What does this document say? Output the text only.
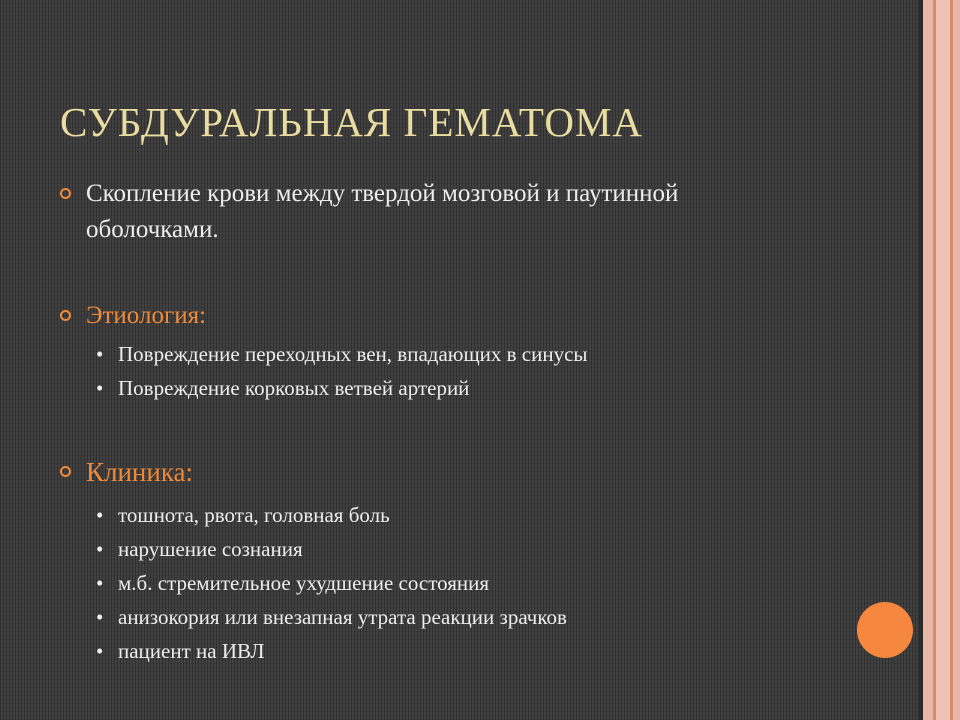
СУБДУРАЛЬНАЯ ГЕМАТОМА
Скопление крови между твердой мозговой и паутинной оболочками.
Этиология:
• Повреждение переходных вен, впадающих в синусы
• Повреждение корковых ветвей артерий
Клиника:
• тошнота, рвота, головная боль
• нарушение сознания
• м.б. стремительное ухудшение состояния
• анизокория или внезапная утрата реакции зрачков
• пациент на ИВЛ
